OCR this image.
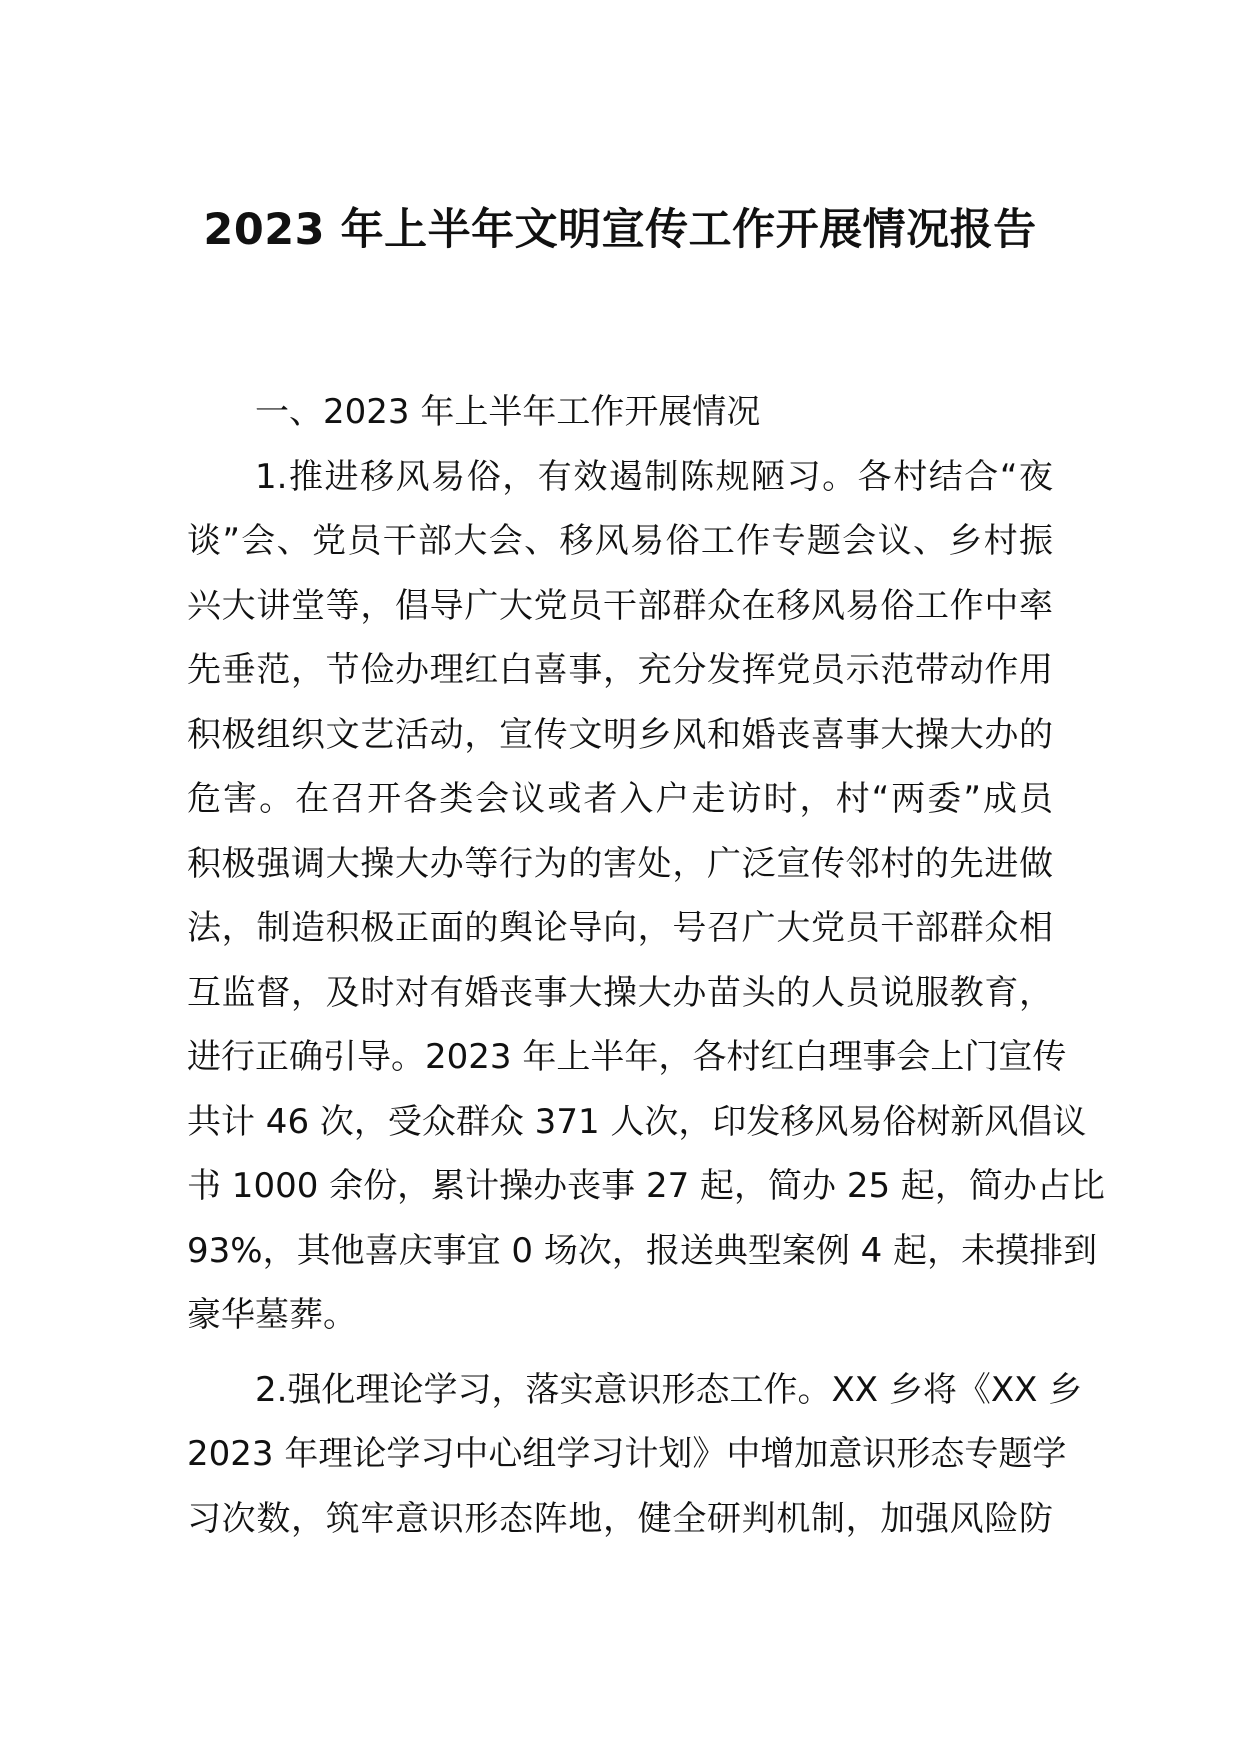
2023 年上半年文明宣传工作开展情况报告
一、2023 年上半年工作开展情况
1.推进移风易俗，有效遏制陈规陋习。各村结合“夜
谈”会、党员干部大会、移风易俗工作专题会议、乡村振
兴大讲堂等，倡导广大党员干部群众在移风易俗工作中率
先垂范，节俭办理红白喜事，充分发挥党员示范带动作用
积极组织文艺活动，宣传文明乡风和婚丧喜事大操大办的
危害。在召开各类会议或者入户走访时，村“两委”成员
积极强调大操大办等行为的害处，广泛宣传邻村的先进做
法，制造积极正面的舆论导向，号召广大党员干部群众相
互监督，及时对有婚丧事大操大办苗头的人员说服教育，
进行正确引导。2023 年上半年，各村红白理事会上门宣传
共计 46 次，受众群众 371 人次，印发移风易俗树新风倡议
书 1000 余份，累计操办丧事 27 起，简办 25 起，简办占比
93%，其他喜庆事宜 0 场次，报送典型案例 4 起，未摸排到
豪华墓葬。
2.强化理论学习，落实意识形态工作。XX 乡将《XX 乡
2023 年理论学习中心组学习计划》中增加意识形态专题学
习次数，筑牢意识形态阵地，健全研判机制，加强风险防
